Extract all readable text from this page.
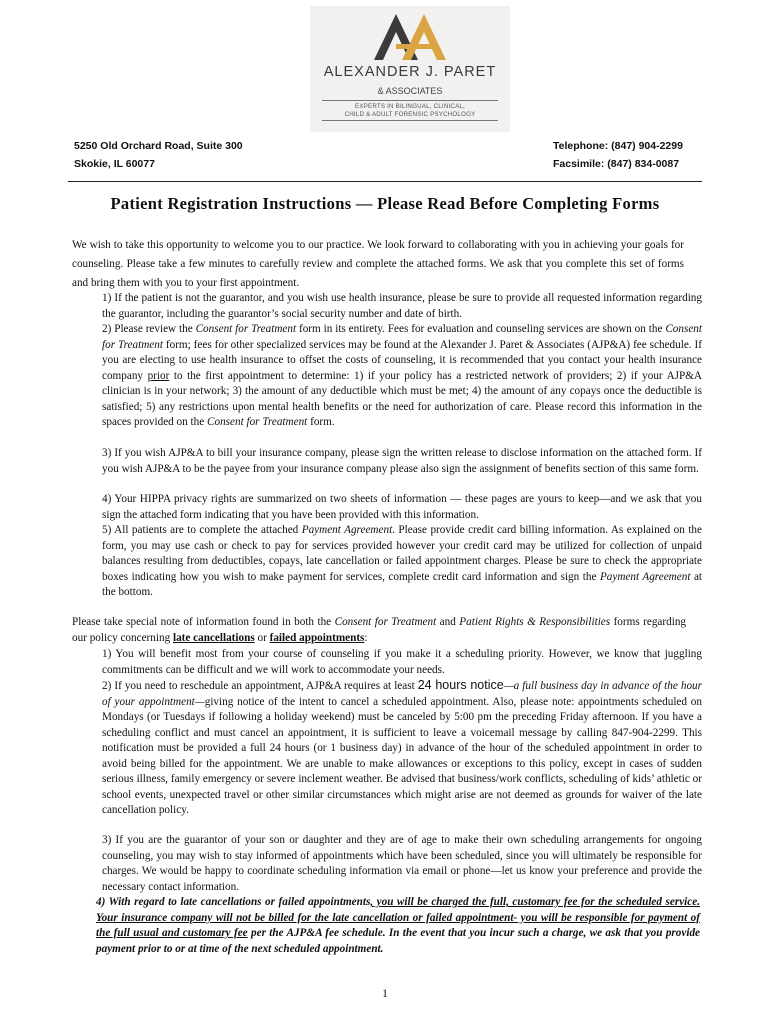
ALEXANDER J. PARET
& ASSOCIATES
EXPERTS IN BILINGUAL, CLINICAL,
CHILD & ADULT FORENSIC PSYCHOLOGY
5250 Old Orchard Road, Suite 300
Skokie, IL 60077
Telephone: (847) 904-2299
Facsimile: (847) 834-0087
Patient Registration Instructions — Please Read Before Completing Forms

We wish to take this opportunity to welcome you to our practice. We look forward to collaborating with you in achieving your goals for counseling. Please take a few minutes to carefully review and complete the attached forms. We ask that you complete this set of forms and bring them with you to your first appointment.

1) If the patient is not the guarantor, and you wish use health insurance, please be sure to provide all requested information regarding the guarantor, including the guarantor’s social security number and date of birth.

2) Please review the Consent for Treatment form in its entirety. Fees for evaluation and counseling services are shown on the Consent for Treatment form; fees for other specialized services may be found at the Alexander J. Paret & Associates (AJP&A) fee schedule. If you are electing to use health insurance to offset the costs of counseling, it is recommended that you contact your health insurance company prior to the first appointment to determine: 1) if your policy has a restricted network of providers; 2) if your AJP&A clinician is in your network; 3) the amount of any deductible which must be met; 4) the amount of any copays once the deductible is satisfied; 5) any restrictions upon mental health benefits or the need for authorization of care. Please record this information in the spaces provided on the Consent for Treatment form.

3) If you wish AJP&A to bill your insurance company, please sign the written release to disclose information on the attached form. If you wish AJP&A to be the payee from your insurance company please also sign the assignment of benefits section of this same form.

4) Your HIPPA privacy rights are summarized on two sheets of information — these pages are yours to keep—and we ask that you sign the attached form indicating that you have been provided with this information.

5) All patients are to complete the attached Payment Agreement. Please provide credit card billing information. As explained on the form, you may use cash or check to pay for services provided however your credit card may be utilized for collection of unpaid balances resulting from deductibles, copays, late cancellation or failed appointment charges. Please be sure to check the appropriate boxes indicating how you wish to make payment for services, complete credit card information and sign the Payment Agreement at the bottom.

Please take special note of information found in both the Consent for Treatment and Patient Rights & Responsibilities forms regarding our policy concerning late cancellations or failed appointments:

1) You will benefit most from your course of counseling if you make it a scheduling priority. However, we know that juggling commitments can be difficult and we will work to accommodate your needs.

2) If you need to reschedule an appointment, AJP&A requires at least 24 hours notice—a full business day in advance of the hour of your appointment—giving notice of the intent to cancel a scheduled appointment. Also, please note: appointments scheduled on Mondays (or Tuesdays if following a holiday weekend) must be canceled by 5:00 pm the preceding Friday afternoon. If you have a scheduling conflict and must cancel an appointment, it is sufficient to leave a voicemail message by calling 847-904-2299. This notification must be provided a full 24 hours (or 1 business day) in advance of the hour of the scheduled appointment in order to avoid being billed for the appointment. We are unable to make allowances or exceptions to this policy, except in cases of sudden serious illness, family emergency or severe inclement weather. Be advised that business/work conflicts, scheduling of kids’ athletic or school events, unexpected travel or other similar circumstances which might arise are not deemed as grounds for waiver of the late cancellation policy.

3) If you are the guarantor of your son or daughter and they are of age to make their own scheduling arrangements for ongoing counseling, you may wish to stay informed of appointments which have been scheduled, since you will ultimately be responsible for charges. We would be happy to coordinate scheduling information via email or phone—let us know your preference and provide the necessary contact information.

4) With regard to late cancellations or failed appointments, you will be charged the full, customary fee for the scheduled service. Your insurance company will not be billed for the late cancellation or failed appointment- you will be responsible for payment of the full usual and customary fee per the AJP&A fee schedule. In the event that you incur such a charge, we ask that you provide payment prior to or at time of the next scheduled appointment.

1
